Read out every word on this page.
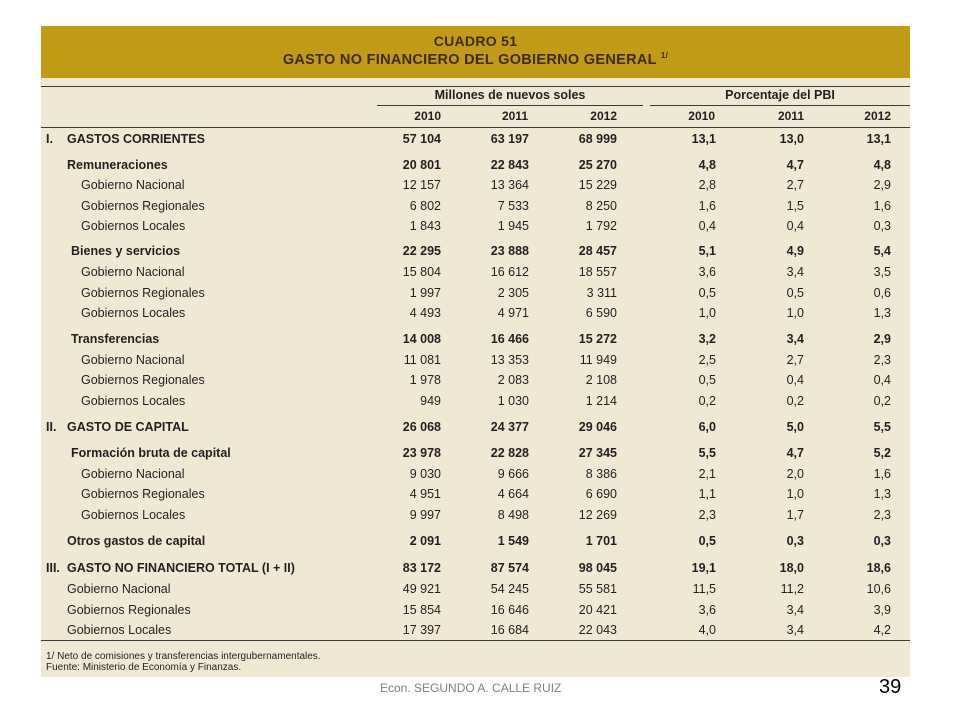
CUADRO 51
GASTO NO FINANCIERO DEL GOBIERNO GENERAL $^{1/}$
Millones de nuevos soles	Porcentaje del PBI
2010	2011	2012	2010	2011	2012
I. GASTOS CORRIENTES	57 104	63 197	68 999	13,1	13,0	13,1
Remuneraciones	20 801	22 843	25 270	4,8	4,7	4,8
Gobierno Nacional	12 157	13 364	15 229	2,8	2,7	2,9
Gobiernos Regionales	6 802	7 533	8 250	1,6	1,5	1,6
Gobiernos Locales	1 843	1 945	1 792	0,4	0,4	0,3
Bienes y servicios	22 295	23 888	28 457	5,1	4,9	5,4
Gobierno Nacional	15 804	16 612	18 557	3,6	3,4	3,5
Gobiernos Regionales	1 997	2 305	3 311	0,5	0,5	0,6
Gobiernos Locales	4 493	4 971	6 590	1,0	1,0	1,3
Transferencias	14 008	16 466	15 272	3,2	3,4	2,9
Gobierno Nacional	11 081	13 353	11 949	2,5	2,7	2,3
Gobiernos Regionales	1 978	2 083	2 108	0,5	0,4	0,4
Gobiernos Locales	949	1 030	1 214	0,2	0,2	0,2
II. GASTO DE CAPITAL	26 068	24 377	29 046	6,0	5,0	5,5
Formación bruta de capital	23 978	22 828	27 345	5,5	4,7	5,2
Gobierno Nacional	9 030	9 666	8 386	2,1	2,0	1,6
Gobiernos Regionales	4 951	4 664	6 690	1,1	1,0	1,3
Gobiernos Locales	9 997	8 498	12 269	2,3	1,7	2,3
Otros gastos de capital	2 091	1 549	1 701	0,5	0,3	0,3
III. GASTO NO FINANCIERO TOTAL (I + II)	83 172	87 574	98 045	19,1	18,0	18,6
Gobierno Nacional	49 921	54 245	55 581	11,5	11,2	10,6
Gobiernos Regionales	15 854	16 646	20 421	3,6	3,4	3,9
Gobiernos Locales	17 397	16 684	22 043	4,0	3,4	4,2
1/ Neto de comisiones y transferencias intergubernamentales.
Fuente: Ministerio de Economía y Finanzas.
Econ. SEGUNDO A. CALLE RUIZ	39
